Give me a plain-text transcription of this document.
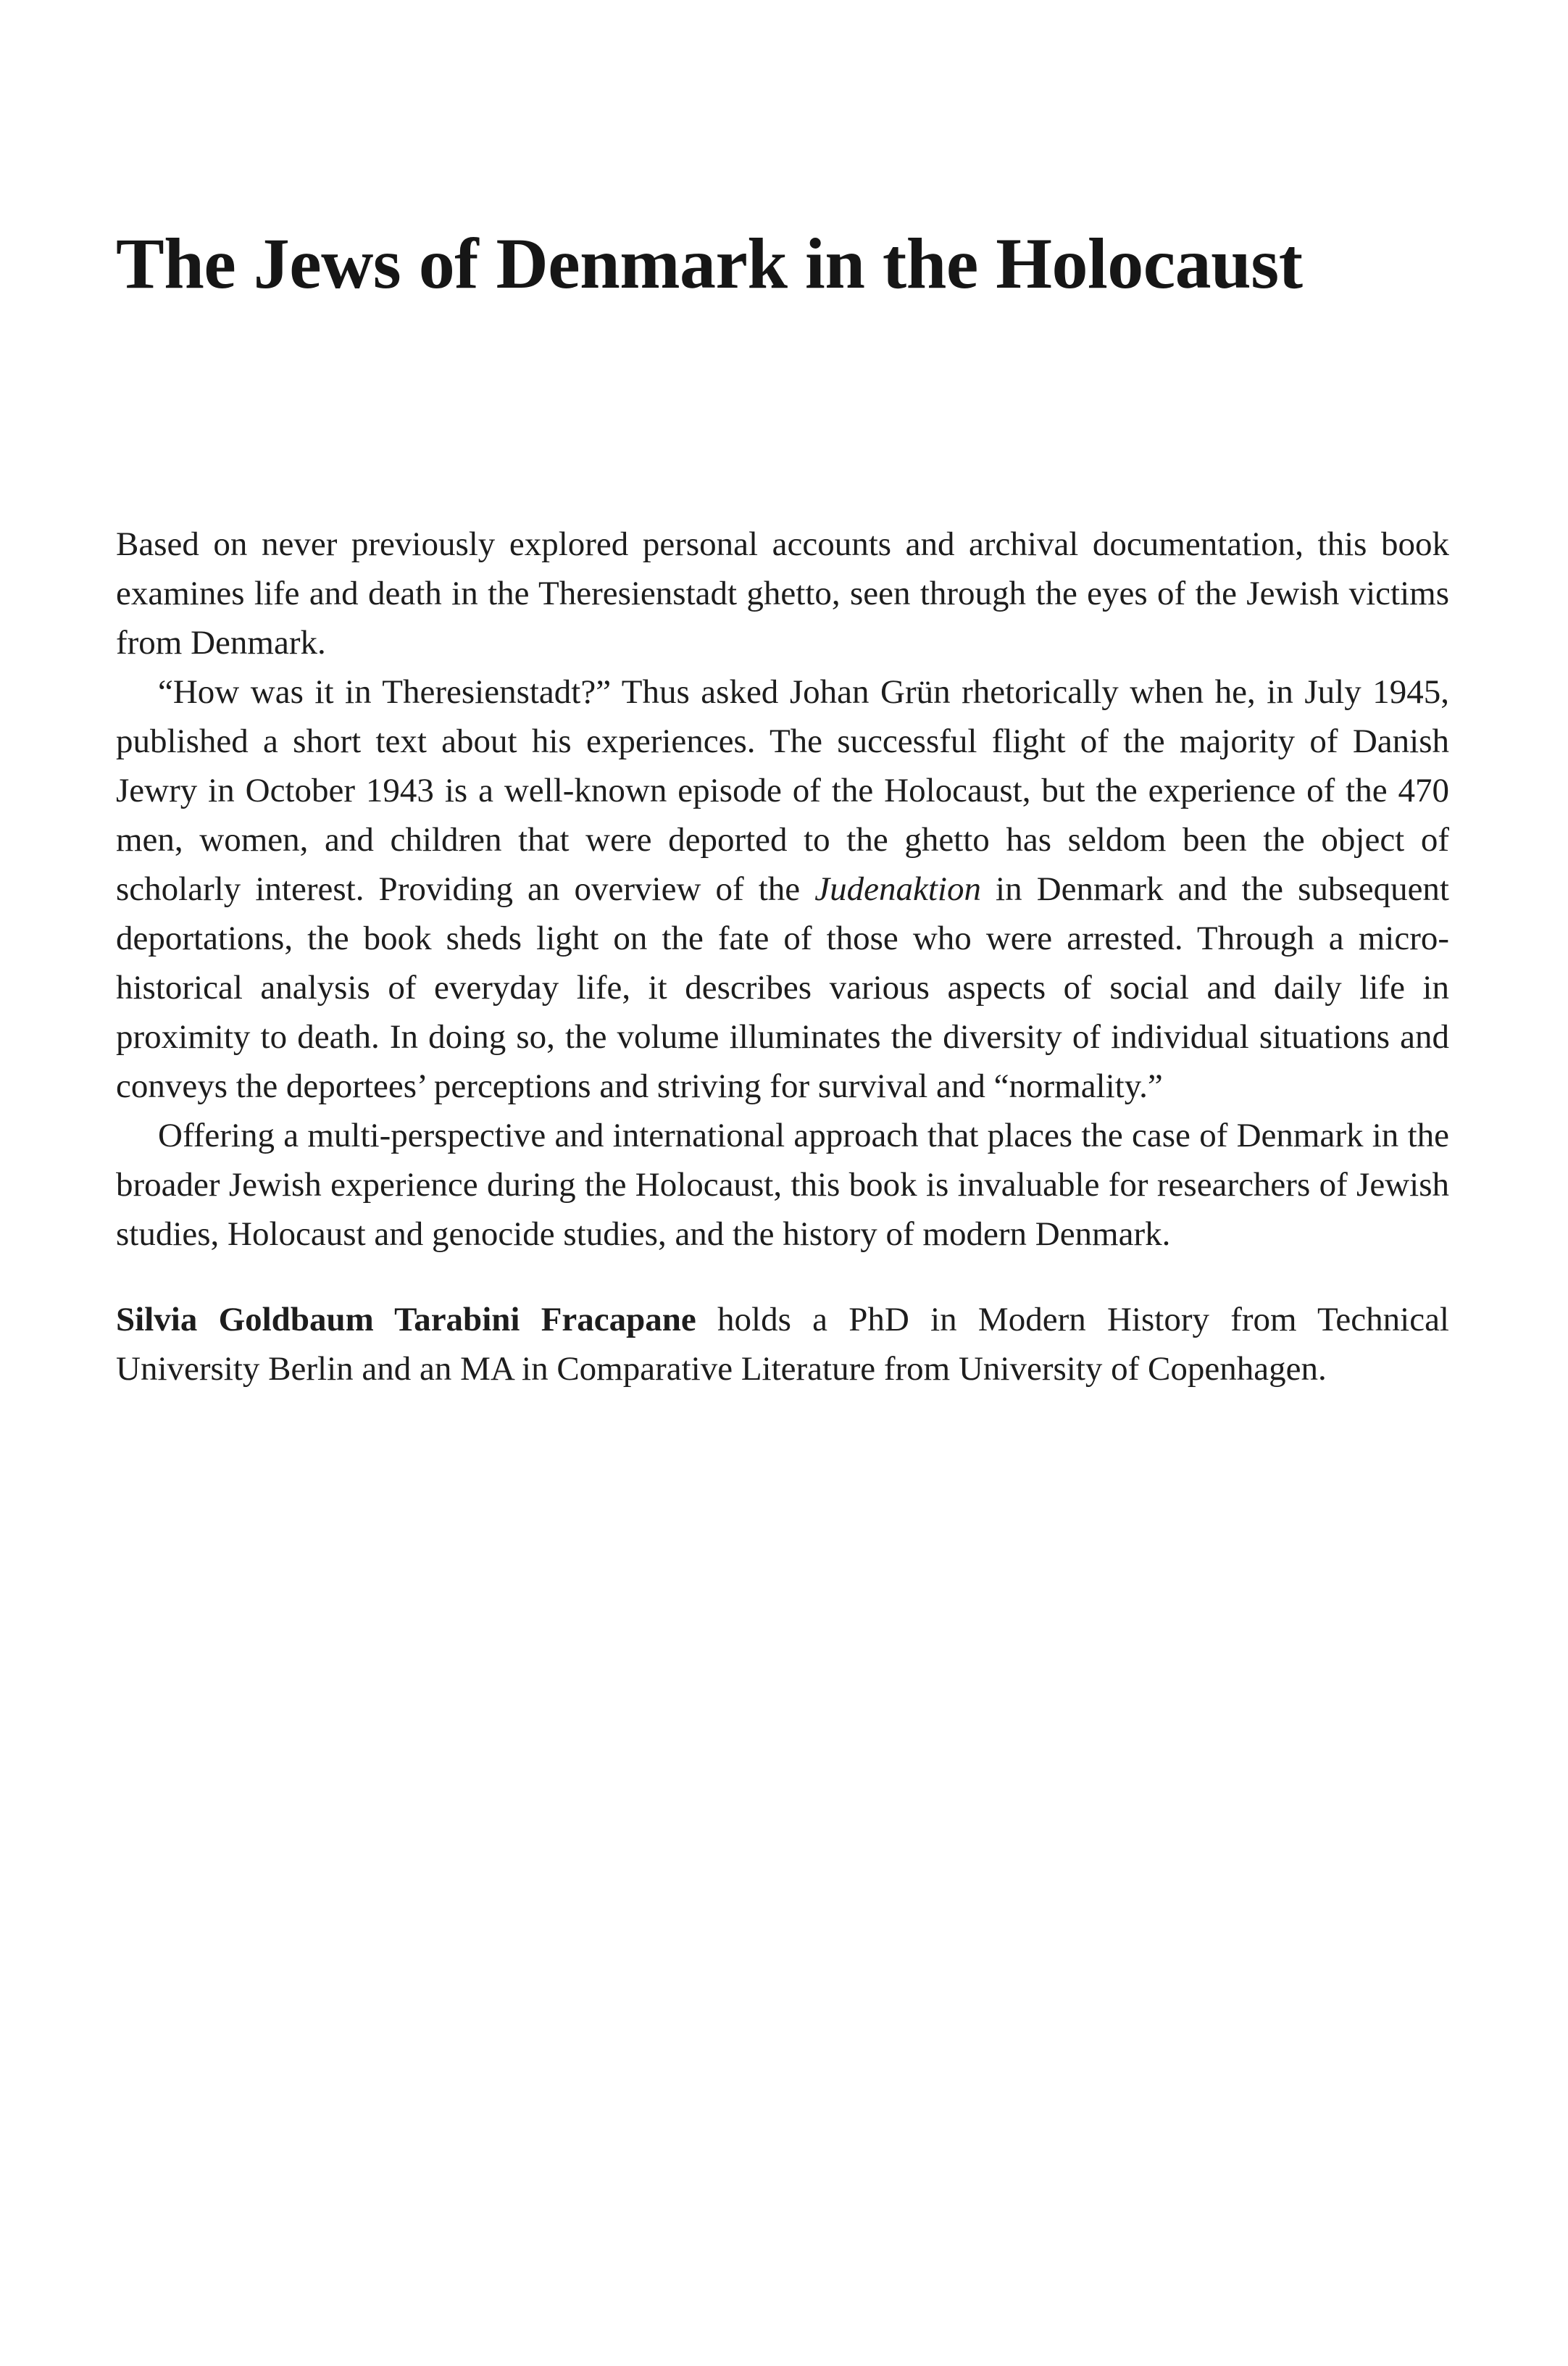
The Jews of Denmark in the Holocaust

Based on never previously explored personal accounts and archival documentation, this book examines life and death in the Theresienstadt ghetto, seen through the eyes of the Jewish victims from Denmark.

“How was it in Theresienstadt?” Thus asked Johan Grün rhetorically when he, in July 1945, published a short text about his experiences. The successful flight of the majority of Danish Jewry in October 1943 is a well-known episode of the Holocaust, but the experience of the 470 men, women, and children that were deported to the ghetto has seldom been the object of scholarly interest. Providing an overview of the Judenaktion in Denmark and the subsequent deportations, the book sheds light on the fate of those who were arrested. Through a micro-historical analysis of everyday life, it describes various aspects of social and daily life in proximity to death. In doing so, the volume illuminates the diversity of individual situations and conveys the deportees’ perceptions and striving for survival and “normality.”

Offering a multi-perspective and international approach that places the case of Denmark in the broader Jewish experience during the Holocaust, this book is invaluable for researchers of Jewish studies, Holocaust and genocide studies, and the history of modern Denmark.

Silvia Goldbaum Tarabini Fracapane holds a PhD in Modern History from Technical University Berlin and an MA in Comparative Literature from University of Copenhagen.
